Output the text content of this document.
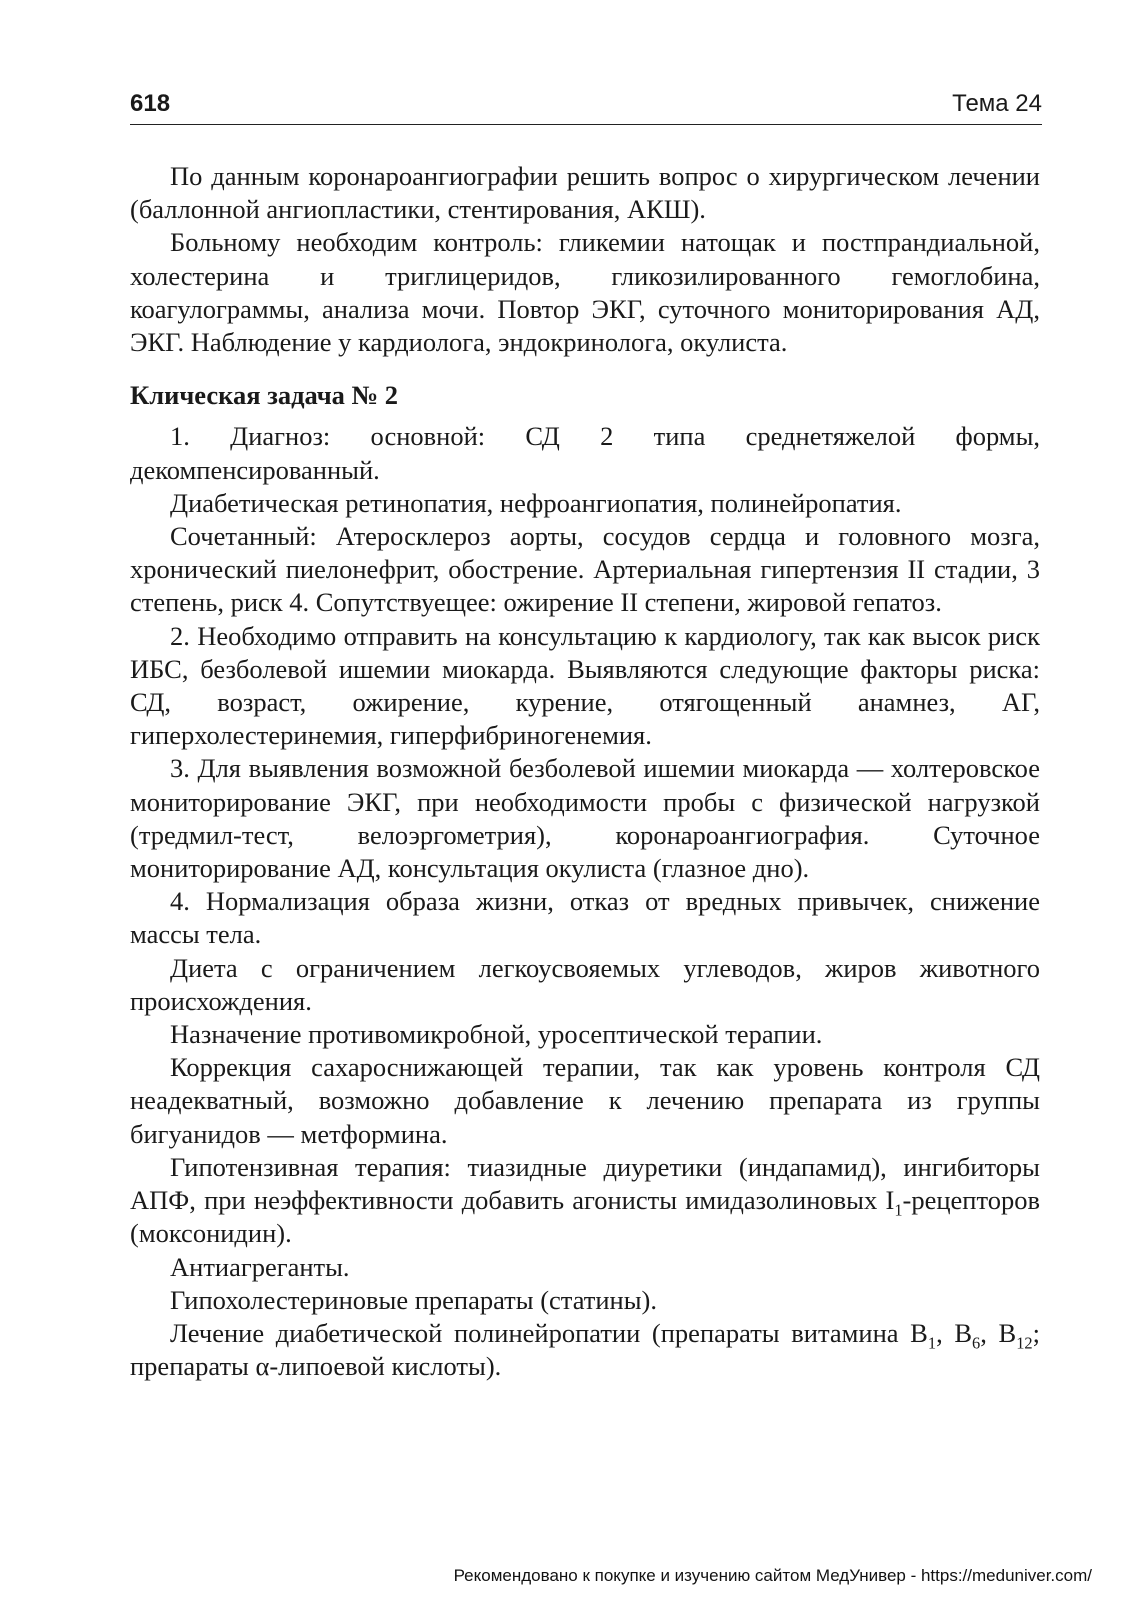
618	Тема 24

По данным коронароангиографии решить вопрос о хирургическом лечении (баллонной ангиопластики, стентирования, АКШ).

Больному необходим контроль: гликемии натощак и постпрандиальной, холестерина и триглицеридов, гликозилированного гемоглобина, коагулограммы, анализа мочи. Повтор ЭКГ, суточного мониторирования АД, ЭКГ. Наблюдение у кардиолога, эндокринолога, окулиста.

Клическая задача № 2

1. Диагноз: основной: СД 2 типа среднетяжелой формы, декомпенсированный.

Диабетическая ретинопатия, нефроангиопатия, полинейропатия.

Сочетанный: Атеросклероз аорты, сосудов сердца и головного мозга, хронический пиелонефрит, обострение. Артериальная гипертензия II стадии, 3 степень, риск 4. Сопутствуещее: ожирение II степени, жировой гепатоз.

2. Необходимо отправить на консультацию к кардиологу, так как высок риск ИБС, безболевой ишемии миокарда. Выявляются следующие факторы риска: СД, возраст, ожирение, курение, отягощенный анамнез, АГ, гиперхолестеринемия, гиперфибриногенемия.

3. Для выявления возможной безболевой ишемии миокарда — холтеровское мониторирование ЭКГ, при необходимости пробы с физической нагрузкой (тредмил-тест, велоэргометрия), коронароангиография. Суточное мониторирование АД, консультация окулиста (глазное дно).

4. Нормализация образа жизни, отказ от вредных привычек, снижение массы тела.

Диета с ограничением легкоусвояемых углеводов, жиров животного происхождения.

Назначение противомикробной, уросептической терапии.

Коррекция сахароснижающей терапии, так как уровень контроля СД неадекватный, возможно добавление к лечению препарата из группы бигуанидов — метформина.

Гипотензивная терапия: тиазидные диуретики (индапамид), ингибиторы АПФ, при неэффективности добавить агонисты имидазолиновых $I_1$-рецепторов (моксонидин).

Антиагреганты.

Гипохолестериновые препараты (статины).

Лечение диабетической полинейропатии (препараты витамина $B_1$, $B_6$, $B_{12}$; препараты α-липоевой кислоты).

Рекомендовано к покупке и изучению сайтом МедУнивер - https://meduniver.com/
